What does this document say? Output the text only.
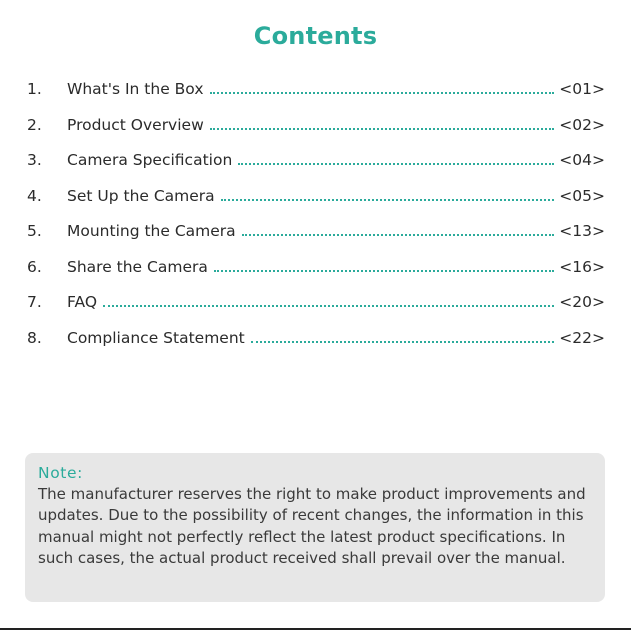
Contents
1.	What's In the Box	<01>
2.	Product Overview	<02>
3.	Camera Specification	<04>
4.	Set Up the Camera	<05>
5.	Mounting the Camera	<13>
6.	Share the Camera	<16>
7.	FAQ	<20>
8.	Compliance Statement	<22>
Note:

The manufacturer reserves the right to make product improvements and updates. Due to the possibility of recent changes, the information in this manual might not perfectly reflect the latest product specifications. In such cases, the actual product received shall prevail over the manual.
